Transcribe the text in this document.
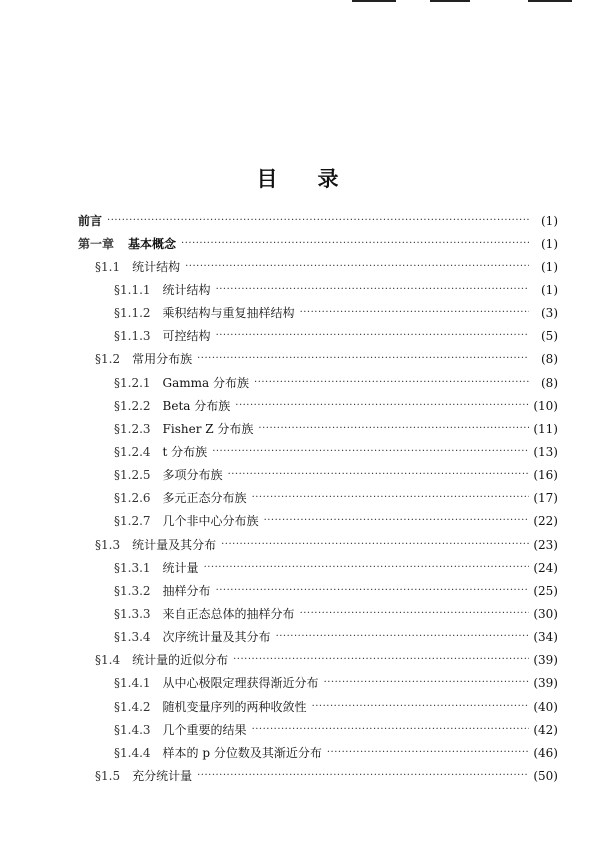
目 录
前言 ·····	(1)
第一章 基本概念 ·····	(1)
§1.1 统计结构 ·····	(1)
§1.1.1 统计结构 ·····	(1)
§1.1.2 乘积结构与重复抽样结构 ·····	(3)
§1.1.3 可控结构 ·····	(5)
§1.2 常用分布族 ·····	(8)
§1.2.1 Gamma 分布族 ·····	(8)
§1.2.2 Beta 分布族 ·····	(10)
§1.2.3 Fisher Z 分布族 ·····	(11)
§1.2.4 t 分布族 ·····	(13)
§1.2.5 多项分布族 ·····	(16)
§1.2.6 多元正态分布族 ·····	(17)
§1.2.7 几个非中心分布族 ·····	(22)
§1.3 统计量及其分布 ·····	(23)
§1.3.1 统计量 ·····	(24)
§1.3.2 抽样分布 ·····	(25)
§1.3.3 来自正态总体的抽样分布 ·····	(30)
§1.3.4 次序统计量及其分布 ·····	(34)
§1.4 统计量的近似分布 ·····	(39)
§1.4.1 从中心极限定理获得渐近分布 ·····	(39)
§1.4.2 随机变量序列的两种收敛性 ·····	(40)
§1.4.3 几个重要的结果 ·····	(42)
§1.4.4 样本的 p 分位数及其渐近分布 ·····	(46)
§1.5 充分统计量 ·····	(50)
